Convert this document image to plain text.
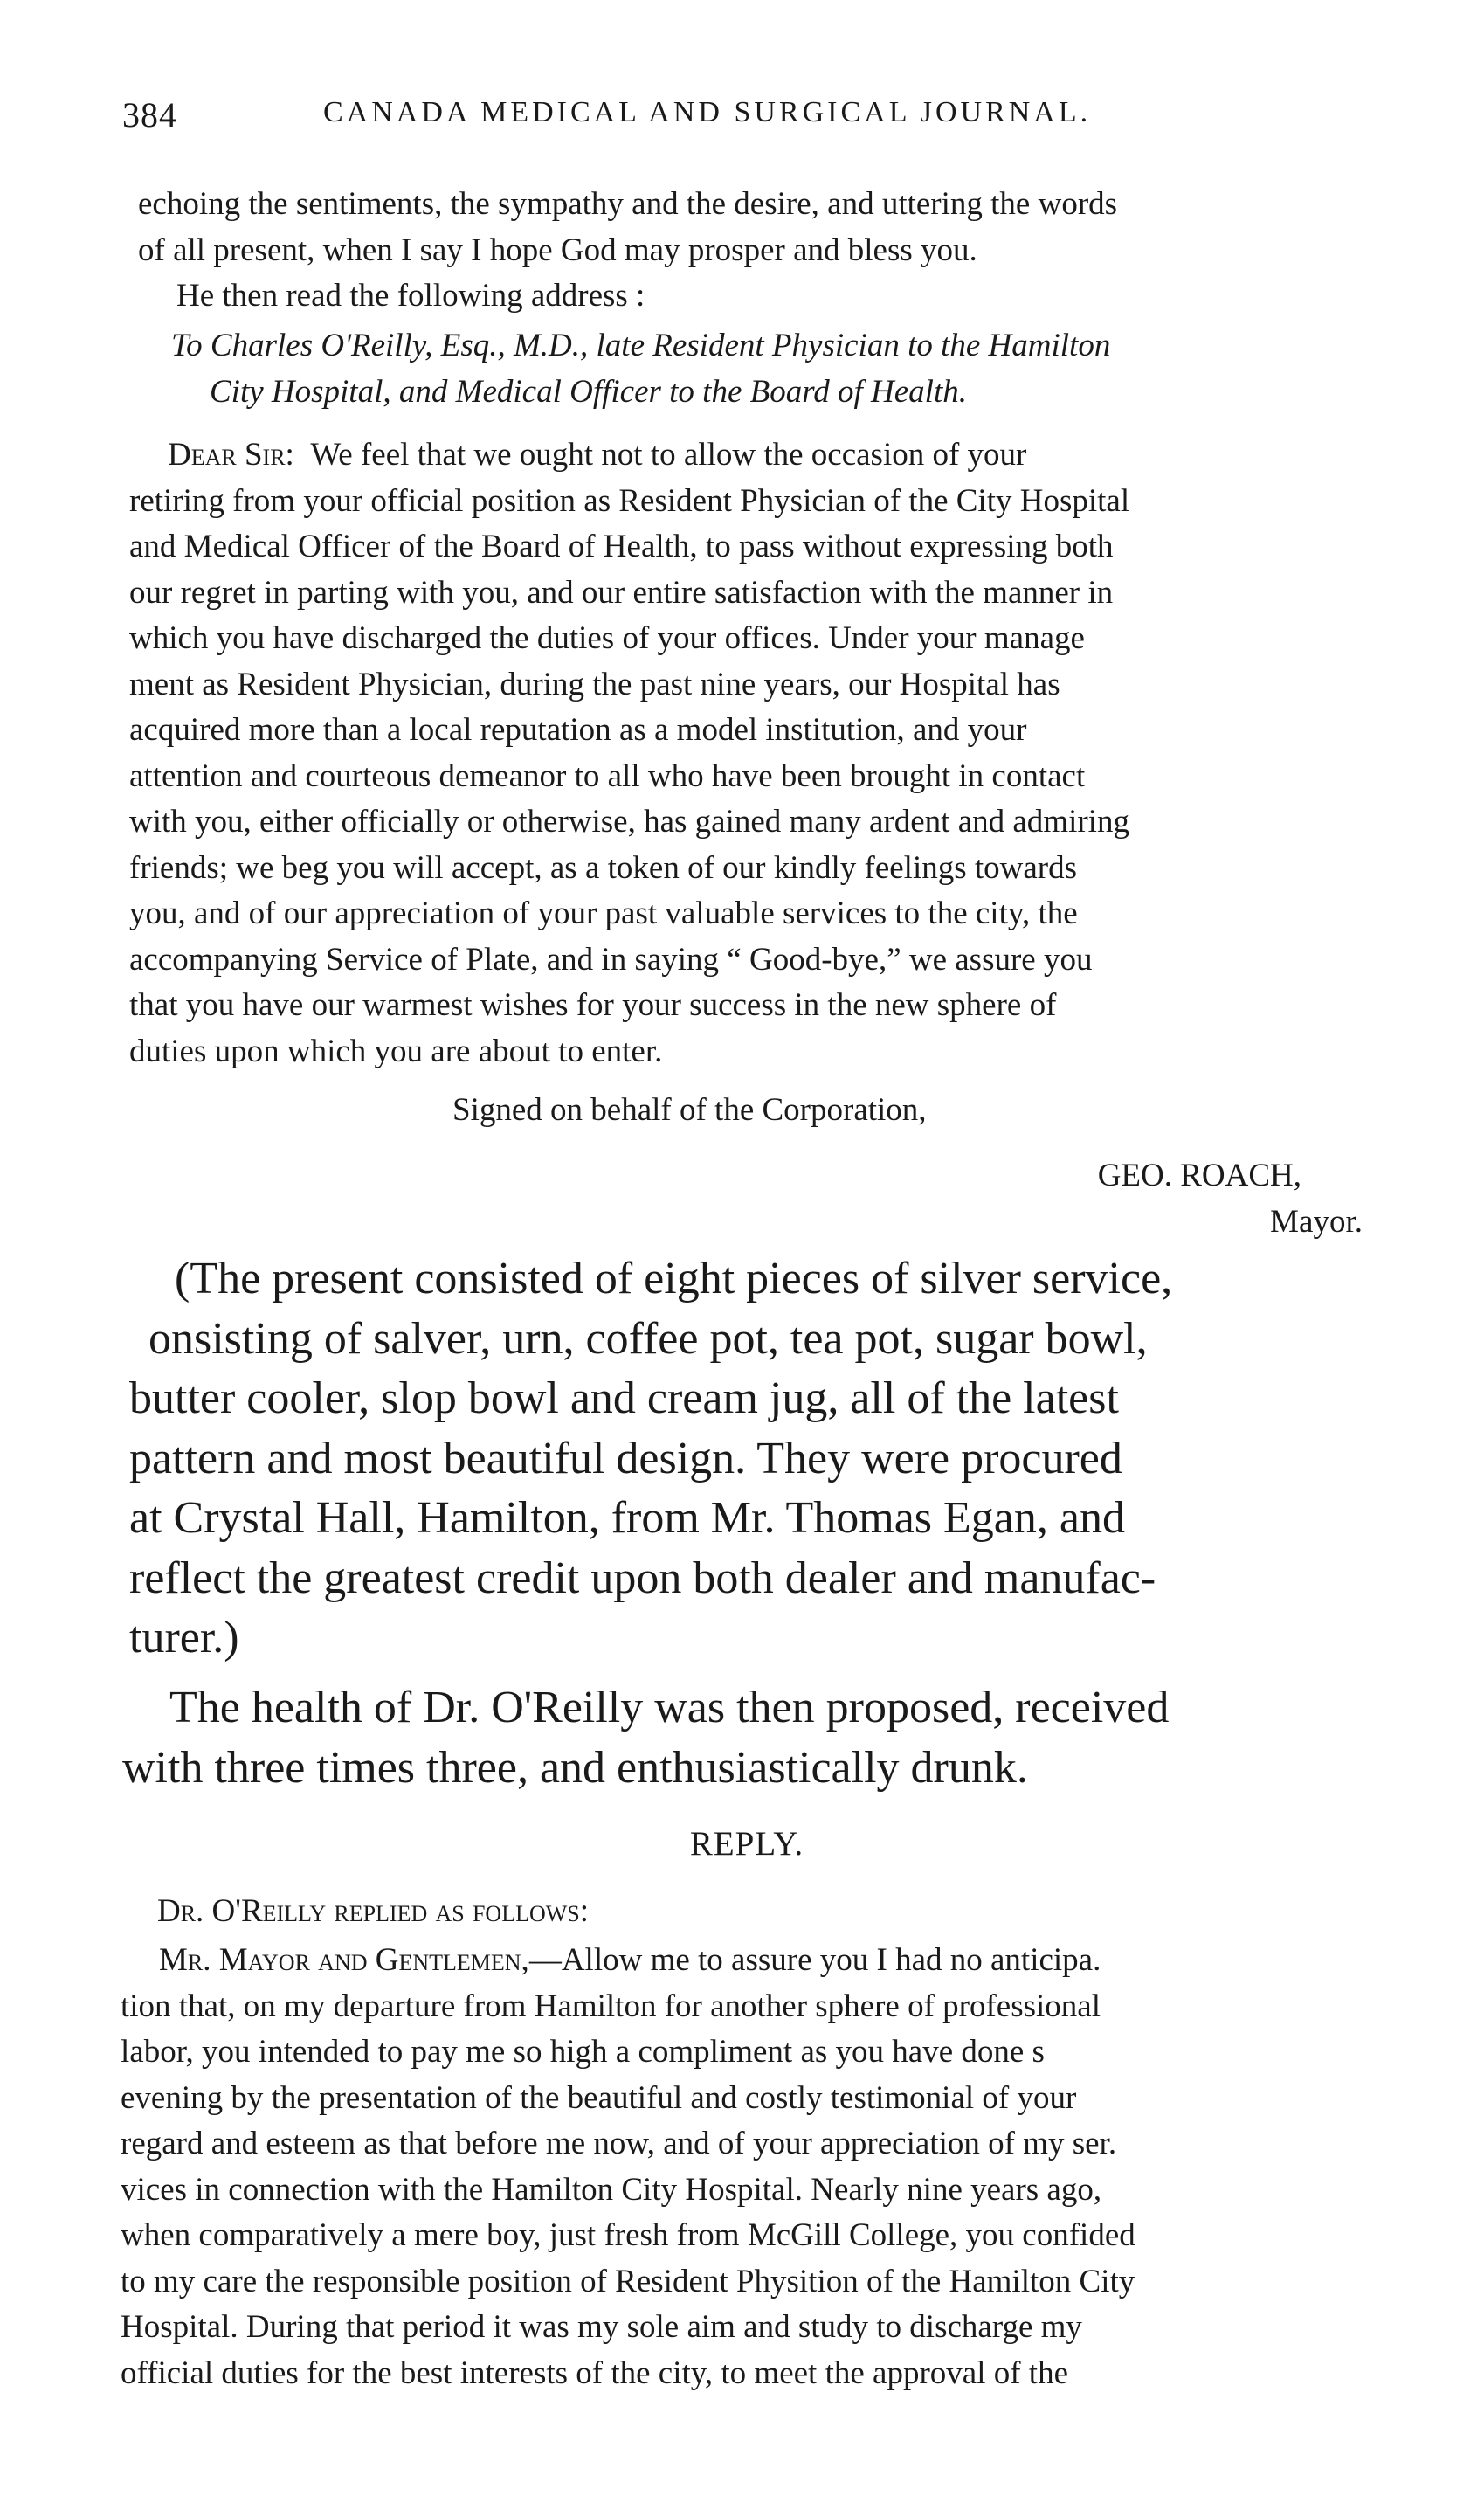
384	CANADA MEDICAL AND SURGICAL JOURNAL.
echoing the sentiments, the sympathy and the desire, and uttering the words
of all present, when I say I hope God may prosper and bless you.
He then read the following address :
To Charles O'Reilly, Esq., M.D., late Resident Physician to the Hamilton
City Hospital, and Medical Officer to the Board of Health.
Dear Sir: We feel that we ought not to allow the occasion of your
retiring from your official position as Resident Physician of the City Hospital
and Medical Officer of the Board of Health, to pass without expressing both
our regret in parting with you, and our entire satisfaction with the manner in
which you have discharged the duties of your offices. Under your manage
ment as Resident Physician, during the past nine years, our Hospital has
acquired more than a local reputation as a model institution, and your
attention and courteous demeanor to all who have been brought in contact
with you, either officially or otherwise, has gained many ardent and admiring
friends; we beg you will accept, as a token of our kindly feelings towards
you, and of our appreciation of your past valuable services to the city, the
accompanying Service of Plate, and in saying “ Good-bye,” we assure you
that you have our warmest wishes for your success in the new sphere of
duties upon which you are about to enter.
Signed on behalf of the Corporation,
GEO. ROACH,
Mayor.
(The present consisted of eight pieces of silver service,
onsisting of salver, urn, coffee pot, tea pot, sugar bowl,
butter cooler, slop bowl and cream jug, all of the latest
pattern and most beautiful design. They were procured
at Crystal Hall, Hamilton, from Mr. Thomas Egan, and
reflect the greatest credit upon both dealer and manufac-
turer.)
The health of Dr. O'Reilly was then proposed, received
with three times three, and enthusiastically drunk.
REPLY.
Dr. O'Reilly replied as follows:
Mr. Mayor and Gentlemen,—Allow me to assure you I had no anticipa.
tion that, on my departure from Hamilton for another sphere of professional
labor, you intended to pay me so high a compliment as you have done s
evening by the presentation of the beautiful and costly testimonial of your
regard and esteem as that before me now, and of your appreciation of my ser.
vices in connection with the Hamilton City Hospital. Nearly nine years ago,
when comparatively a mere boy, just fresh from McGill College, you confided
to my care the responsible position of Resident Physition of the Hamilton City
Hospital. During that period it was my sole aim and study to discharge my
official duties for the best interests of the city, to meet the approval of the
